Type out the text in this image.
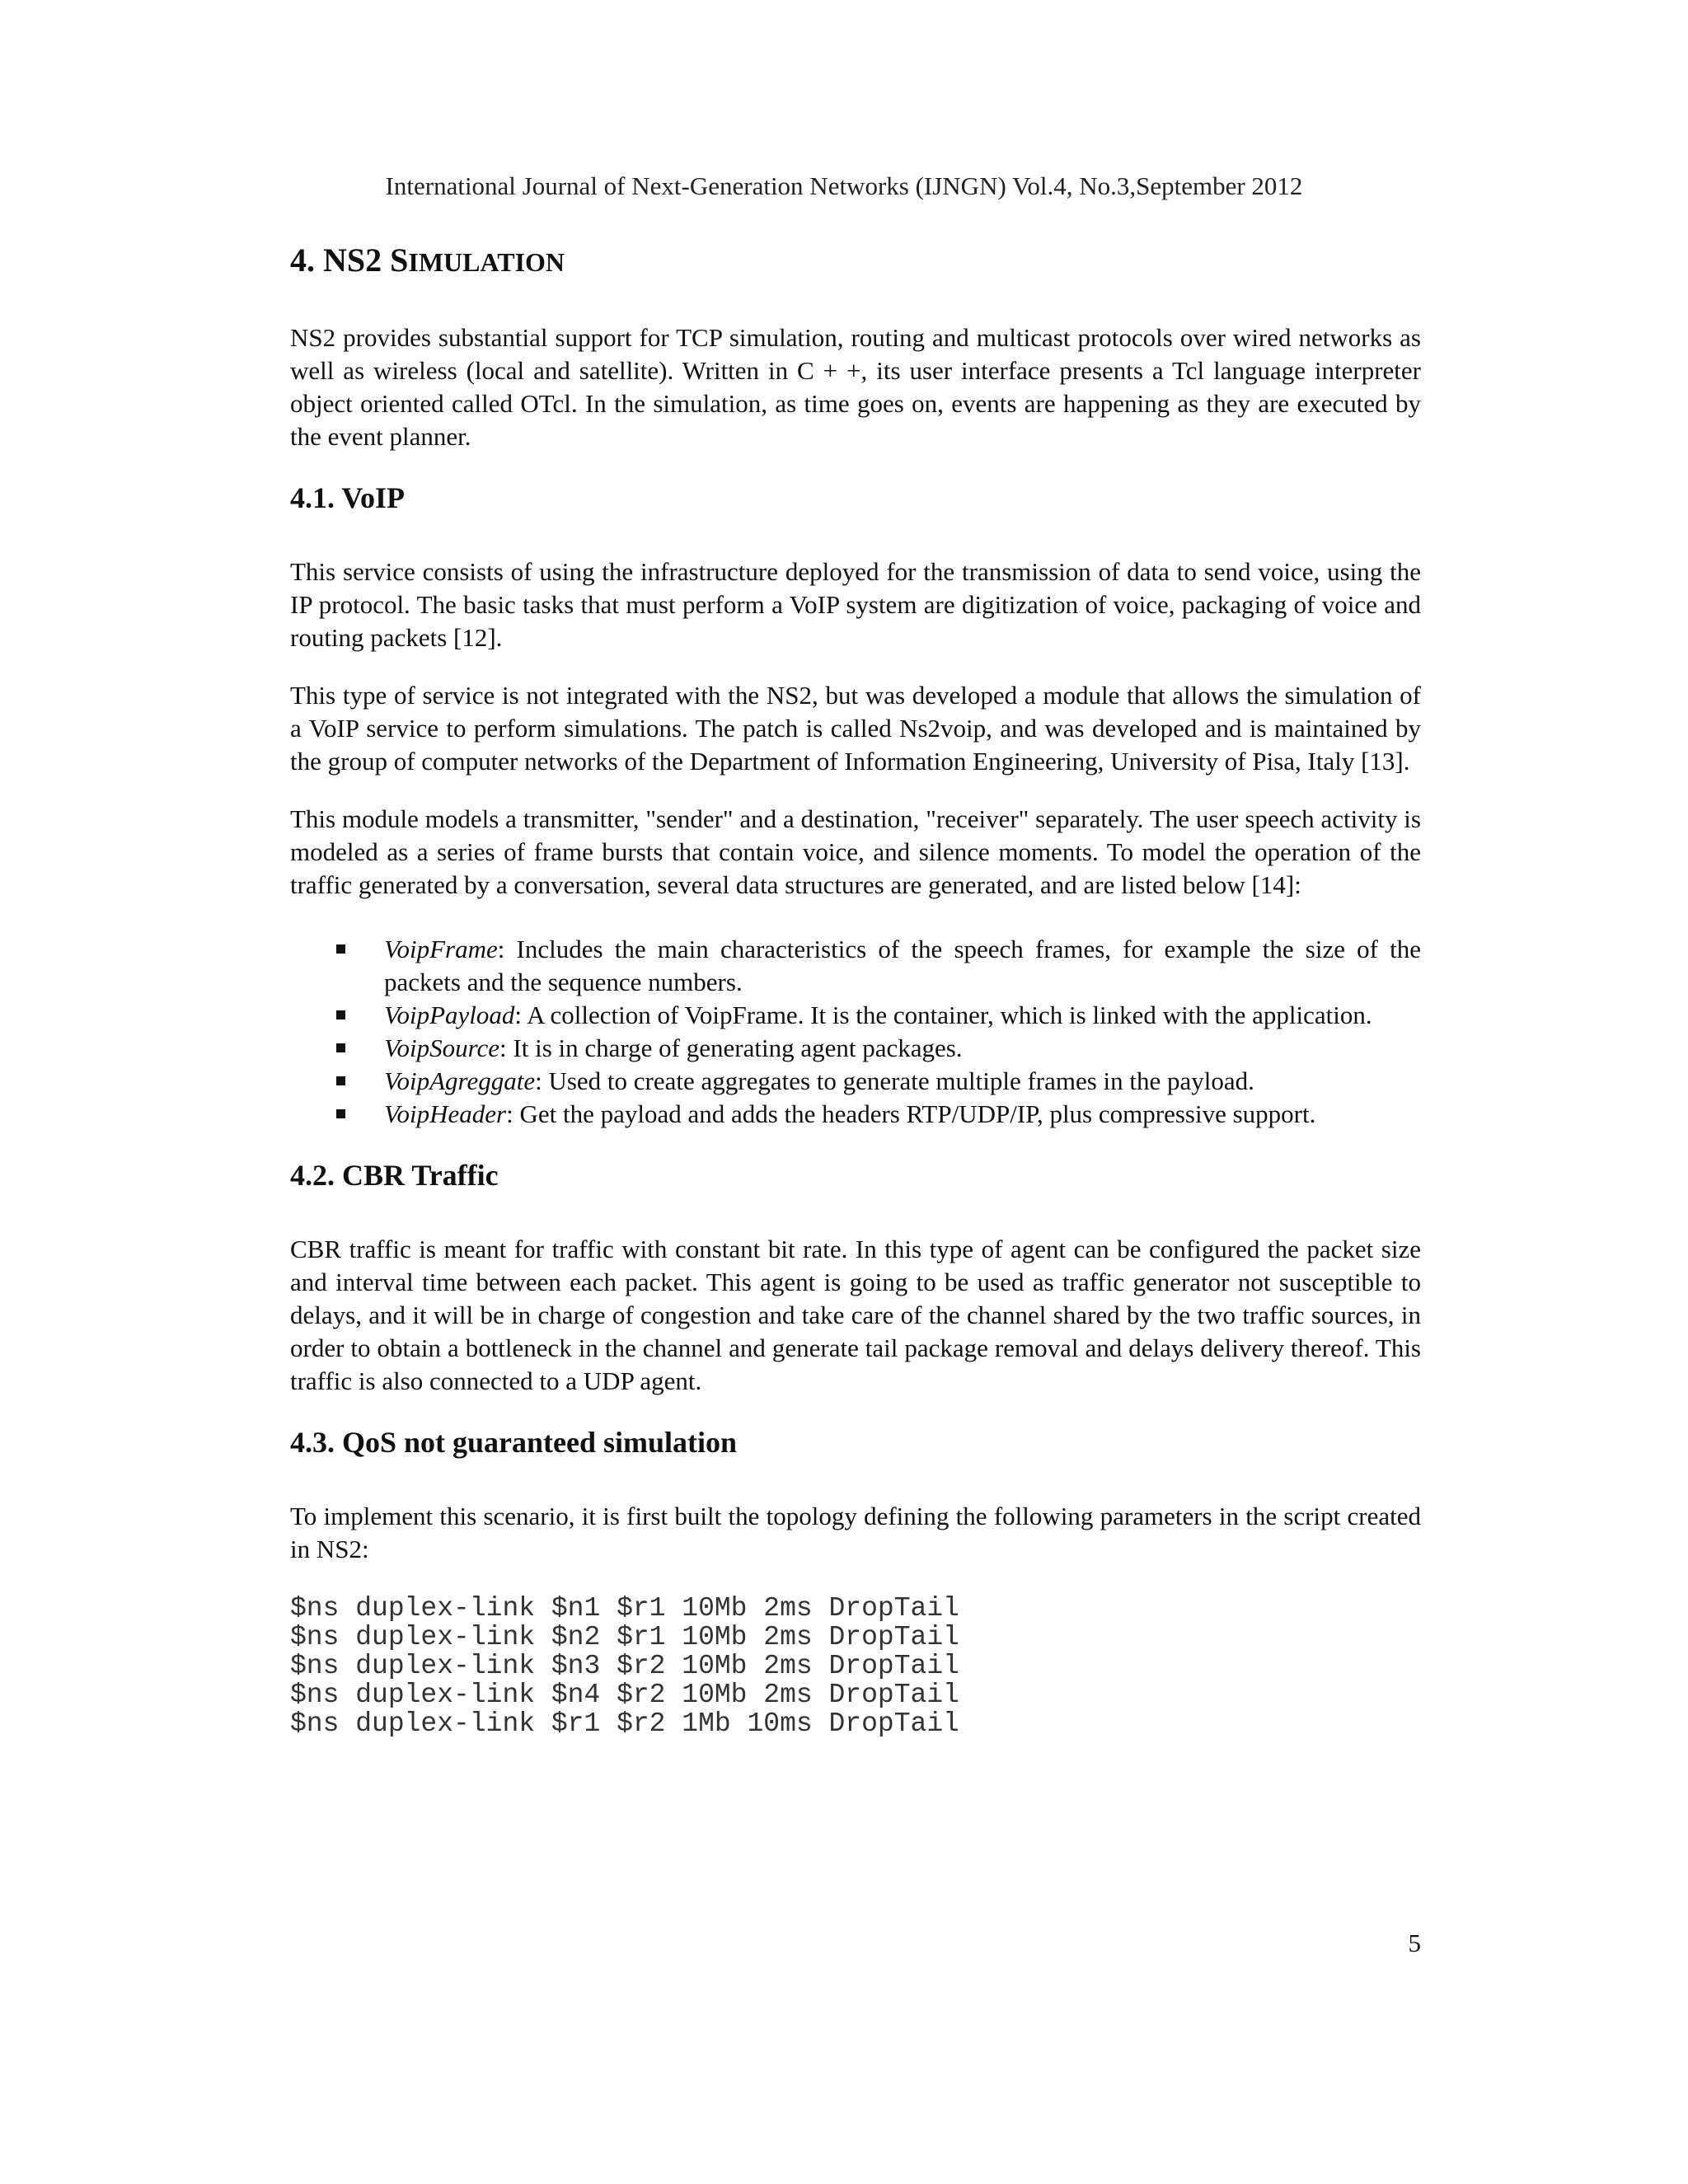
International Journal of Next-Generation Networks (IJNGN) Vol.4, No.3,September 2012
4. NS2 SIMULATION

NS2 provides substantial support for TCP simulation, routing and multicast protocols over wired networks as well as wireless (local and satellite). Written in C + +, its user interface presents a Tcl language interpreter object oriented called OTcl. In the simulation, as time goes on, events are happening as they are executed by the event planner.

4.1. VoIP

This service consists of using the infrastructure deployed for the transmission of data to send voice, using the IP protocol. The basic tasks that must perform a VoIP system are digitization of voice, packaging of voice and routing packets [12].

This type of service is not integrated with the NS2, but was developed a module that allows the simulation of a VoIP service to perform simulations. The patch is called Ns2voip, and was developed and is maintained by the group of computer networks of the Department of Information Engineering, University of Pisa, Italy [13].

This module models a transmitter, "sender" and a destination, "receiver" separately. The user speech activity is modeled as a series of frame bursts that contain voice, and silence moments. To model the operation of the traffic generated by a conversation, several data structures are generated, and are listed below [14]:

VoipFrame: Includes the main characteristics of the speech frames, for example the size of the packets and the sequence numbers.
VoipPayload: A collection of VoipFrame. It is the container, which is linked with the application.
VoipSource: It is in charge of generating agent packages.
VoipAgreggate: Used to create aggregates to generate multiple frames in the payload.
VoipHeader: Get the payload and adds the headers RTP/UDP/IP, plus compressive support.
4.2. CBR Traffic

CBR traffic is meant for traffic with constant bit rate. In this type of agent can be configured the packet size and interval time between each packet. This agent is going to be used as traffic generator not susceptible to delays, and it will be in charge of congestion and take care of the channel shared by the two traffic sources, in order to obtain a bottleneck in the channel and generate tail package removal and delays delivery thereof. This traffic is also connected to a UDP agent.

4.3. QoS not guaranteed simulation

To implement this scenario, it is first built the topology defining the following parameters in the script created in NS2:

$ns duplex-link $n1 $r1 10Mb 2ms DropTail
$ns duplex-link $n2 $r1 10Mb 2ms DropTail
$ns duplex-link $n3 $r2 10Mb 2ms DropTail
$ns duplex-link $n4 $r2 10Mb 2ms DropTail
$ns duplex-link $r1 $r2 1Mb 10ms DropTail
5
